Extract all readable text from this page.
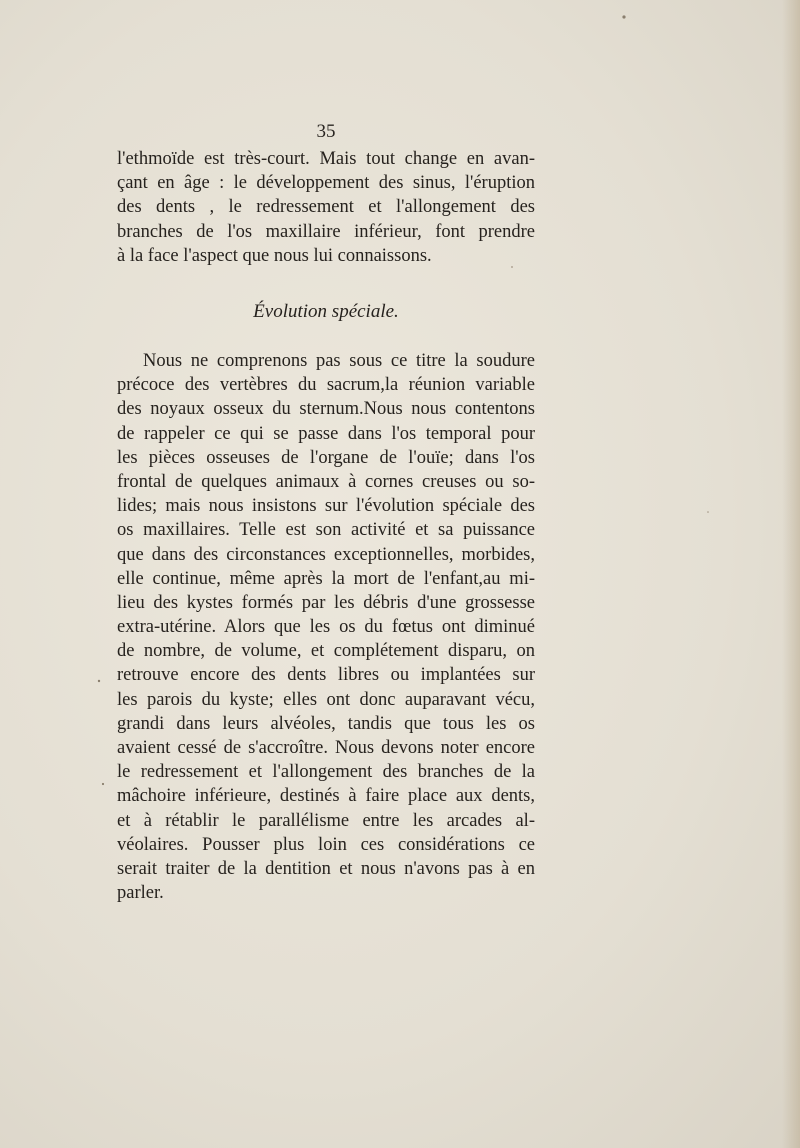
35
l'ethmoïde est très-court. Mais tout change en avan-
çant en âge : le développement des sinus, l'éruption
des dents , le redressement et l'allongement des
branches de l'os maxillaire inférieur, font prendre
à la face l'aspect que nous lui connaissons.
Évolution spéciale.
Nous ne comprenons pas sous ce titre la soudure
précoce des vertèbres du sacrum,la réunion variable
des noyaux osseux du sternum.Nous nous contentons
de rappeler ce qui se passe dans l'os temporal pour
les pièces osseuses de l'organe de l'ouïe; dans l'os
frontal de quelques animaux à cornes creuses ou so-
lides; mais nous insistons sur l'évolution spéciale des
os maxillaires. Telle est son activité et sa puissance
que dans des circonstances exceptionnelles, morbides,
elle continue, même après la mort de l'enfant,au mi-
lieu des kystes formés par les débris d'une grossesse
extra-utérine. Alors que les os du fœtus ont diminué
de nombre, de volume, et complétement disparu, on
retrouve encore des dents libres ou implantées sur
les parois du kyste; elles ont donc auparavant vécu,
grandi dans leurs alvéoles, tandis que tous les os
avaient cessé de s'accroître. Nous devons noter encore
le redressement et l'allongement des branches de la
mâchoire inférieure, destinés à faire place aux dents,
et à rétablir le parallélisme entre les arcades al-
véolaires. Pousser plus loin ces considérations ce
serait traiter de la dentition et nous n'avons pas à en
parler.
